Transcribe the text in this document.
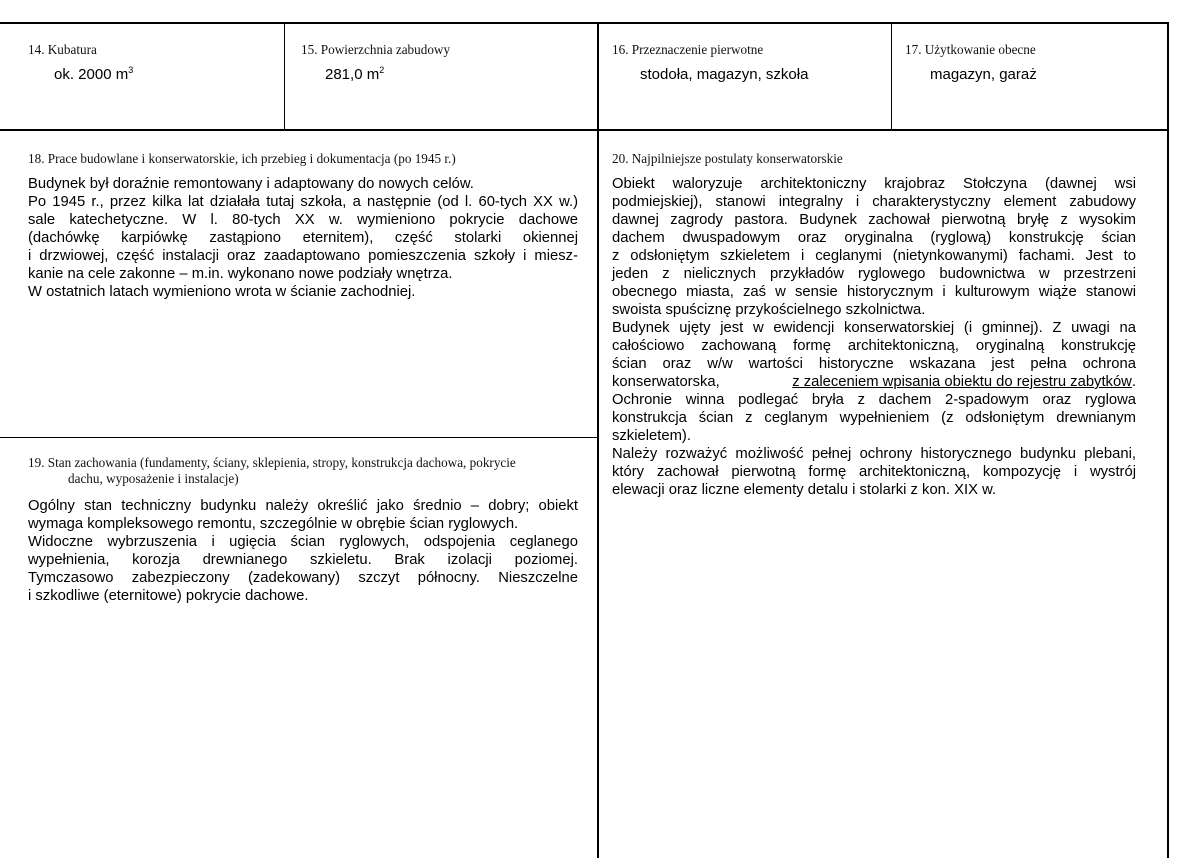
14. Kubatura
ok. 2000 $m^3$
15. Powierzchnia zabudowy
281,0 $m^2$
16. Przeznaczenie pierwotne
stodoła, magazyn, szkoła
17. Użytkowanie obecne
magazyn, garaż
18. Prace budowlane i konserwatorskie, ich przebieg i dokumentacja (po 1945 r.)
Budynek był doraźnie remontowany i adaptowany do nowych celów.
Po 1945 r., przez kilka lat działała tutaj szkoła, a następnie (od l. 60-tych XX w.)
sale katechetyczne. W l. 80-tych XX w. wymieniono pokrycie dachowe
(dachówkę karpiówkę zastąpiono eternitem), część stolarki okiennej
i drzwiowej, część instalacji oraz zaadaptowano pomieszczenia szkoły i miesz-
kanie na cele zakonne – m.in. wykonano nowe podziały wnętrza.
W ostatnich latach wymieniono wrota w ścianie zachodniej.
19. Stan zachowania (fundamenty, ściany, sklepienia, stropy, konstrukcja dachowa, pokrycie
dachu, wyposażenie i instalacje)
Ogólny stan techniczny budynku należy określić jako średnio – dobry; obiekt
wymaga kompleksowego remontu, szczególnie w obrębie ścian ryglowych.
Widoczne wybrzuszenia i ugięcia ścian ryglowych, odspojenia ceglanego
wypełnienia, korozja drewnianego szkieletu. Brak izolacji poziomej.
Tymczasowo zabezpieczony (zadekowany) szczyt północny. Nieszczelne
i szkodliwe (eternitowe) pokrycie dachowe.
20. Najpilniejsze postulaty konserwatorskie
Obiekt waloryzuje architektoniczny krajobraz Stołczyna (dawnej wsi
podmiejskiej), stanowi integralny i charakterystyczny element zabudowy
dawnej zagrody pastora. Budynek zachował pierwotną bryłę z wysokim
dachem dwuspadowym oraz oryginalna (ryglową) konstrukcję ścian
z odsłoniętym szkieletem i ceglanymi (nietynkowanymi) fachami. Jest to
jeden z nielicznych przykładów ryglowego budownictwa w przestrzeni
obecnego miasta, zaś w sensie historycznym i kulturowym wiąże stanowi
swoista spuściznę przykościelnego szkolnictwa.
Budynek ujęty jest w ewidencji konserwatorskiej (i gminnej). Z uwagi na
całościowo zachowaną formę architektoniczną, oryginalną konstrukcję
ścian oraz w/w wartości historyczne wskazana jest pełna ochrona
konserwatorska,	z zaleceniem wpisania obiektu do rejestru zabytków .
Ochronie winna podlegać bryła z dachem 2-spadowym oraz ryglowa
konstrukcja ścian z ceglanym wypełnieniem (z odsłoniętym drewnianym
szkieletem).
Należy rozważyć możliwość pełnej ochrony historycznego budynku plebani,
który zachował pierwotną formę architektoniczną, kompozycję i wystrój
elewacji oraz liczne elementy detalu i stolarki z kon. XIX w.
